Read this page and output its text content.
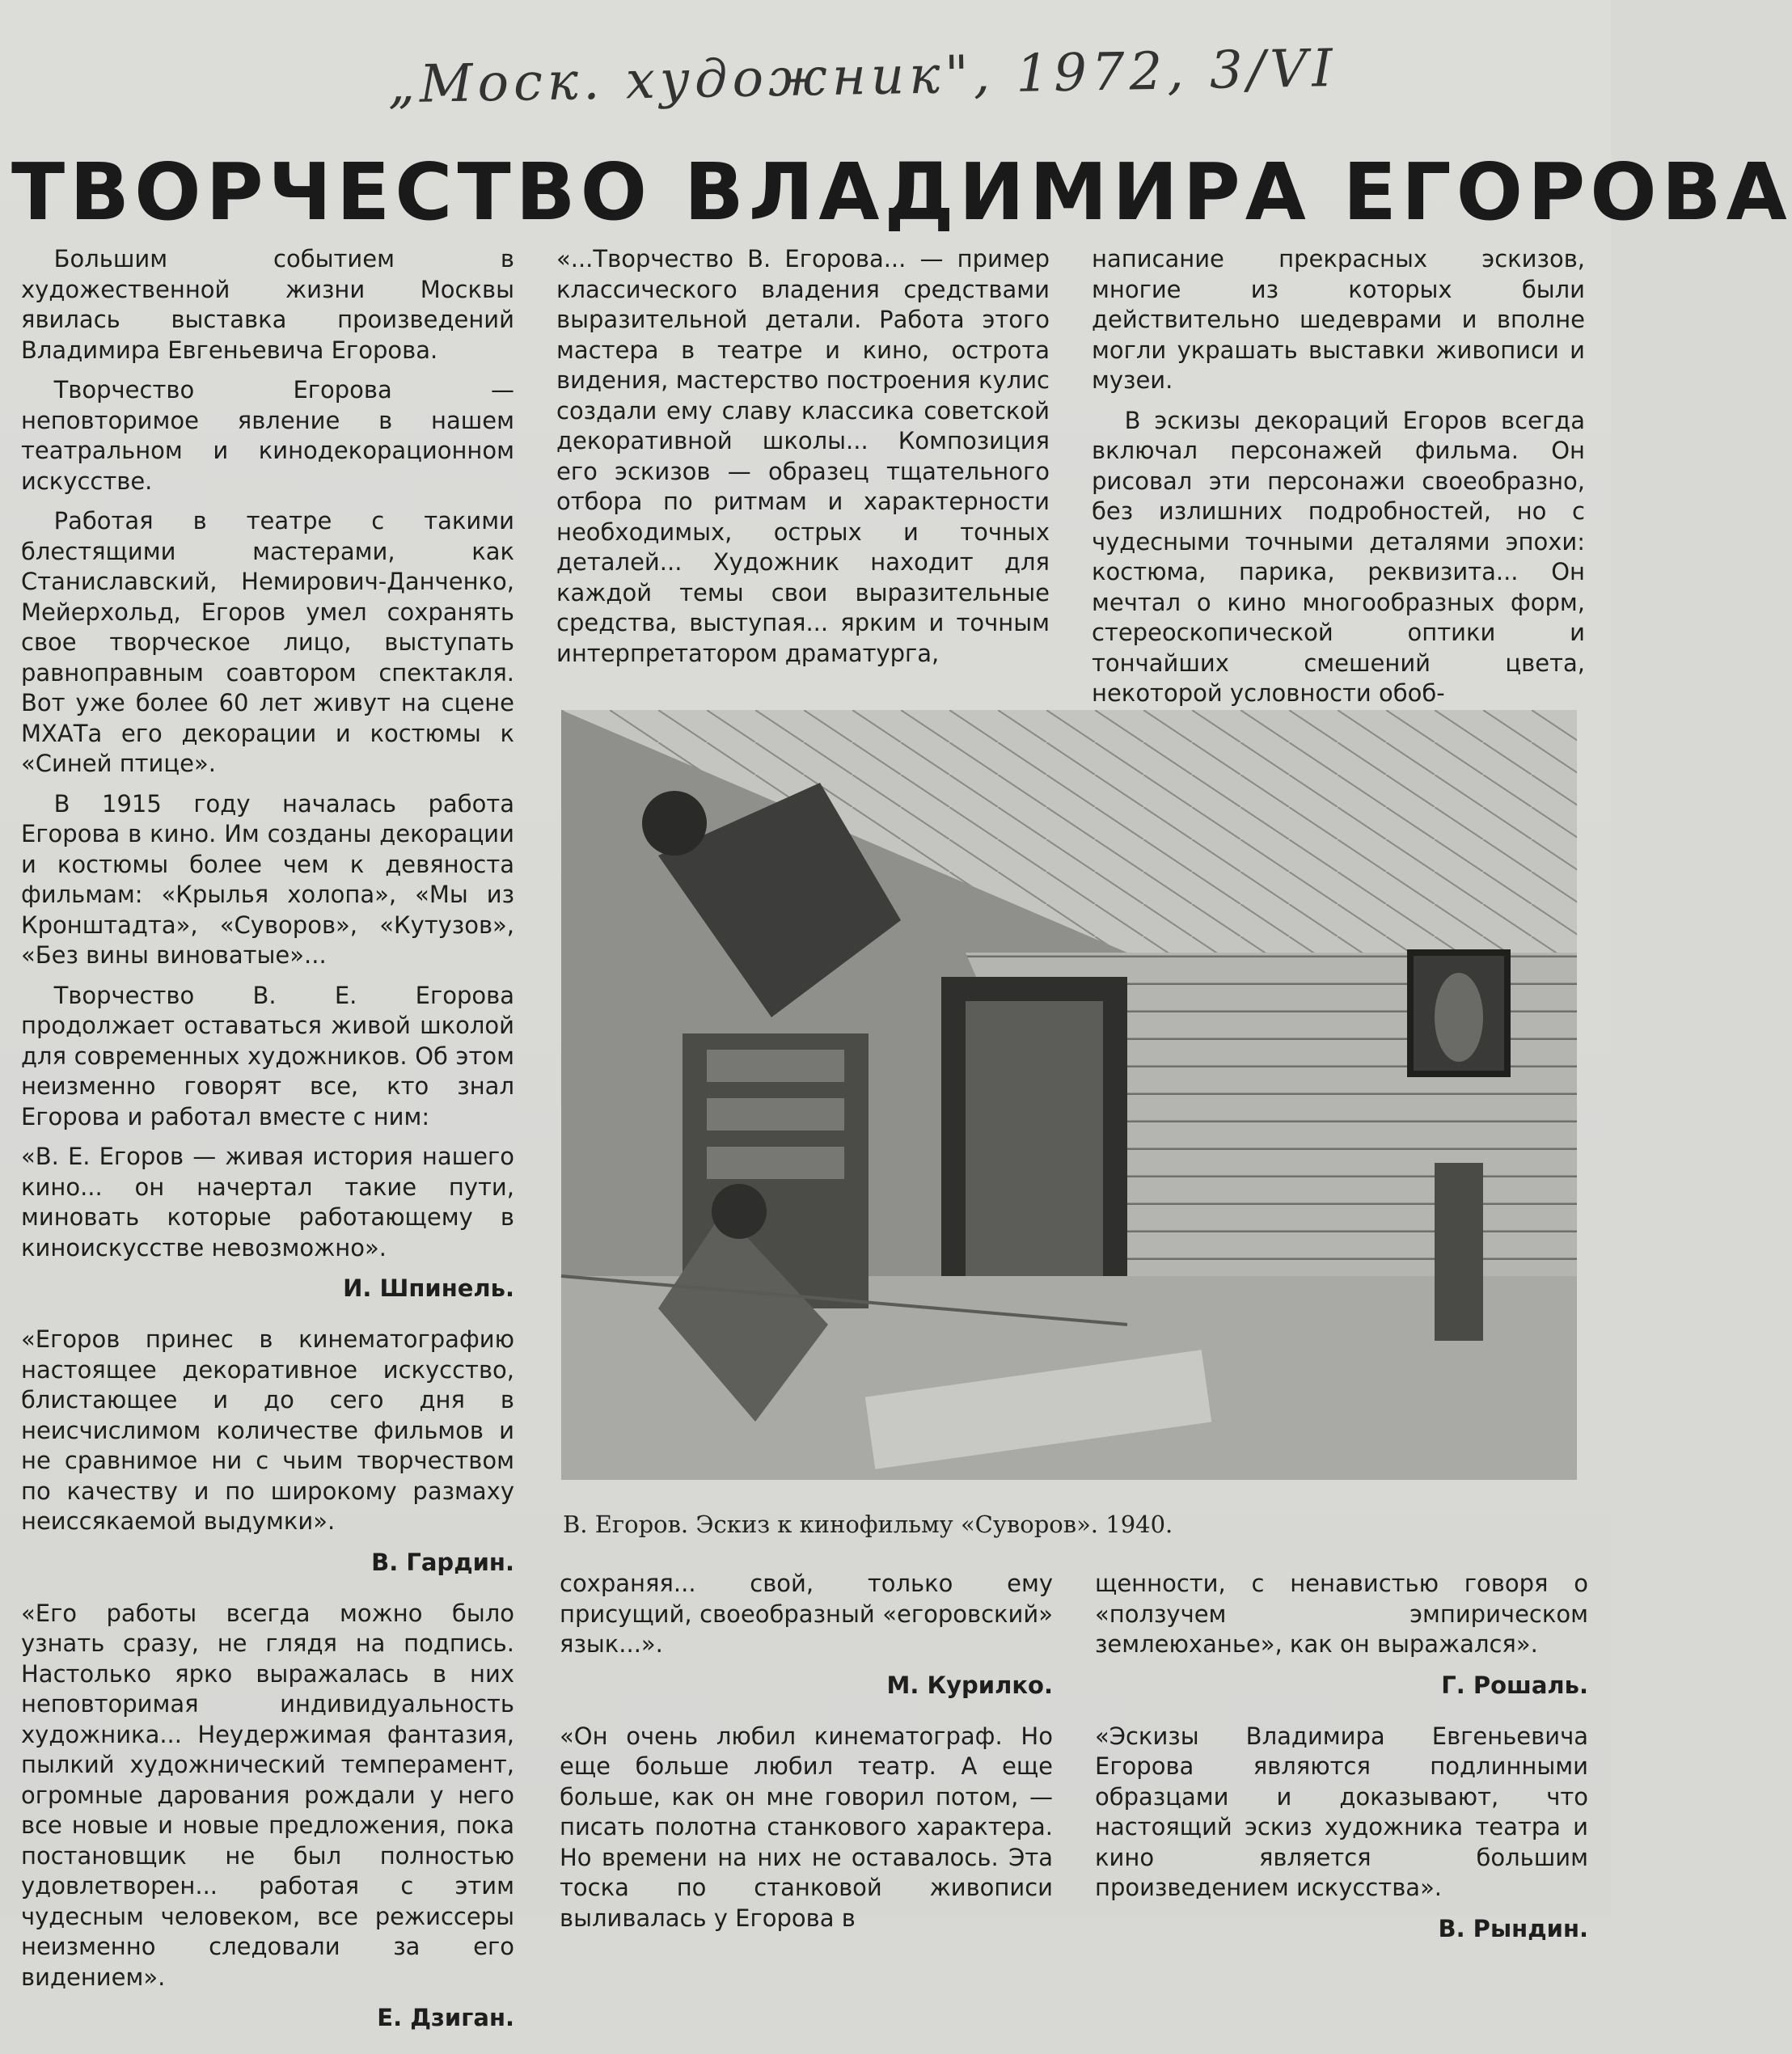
„Моск. художник", 1972, 3/VI
ТВОРЧЕСТВО ВЛАДИМИРА ЕГОРОВА

Большим событием в художественной жизни Москвы явилась выставка произведений Владимира Евгеньевича Егорова.

Творчество Егорова — неповторимое явление в нашем театральном и кинодекорационном искусстве.

Работая в театре с такими блестящими мастерами, как Станиславский, Немирович-Данченко, Мейерхольд, Егоров умел сохранять свое творческое лицо, выступать равноправным соавтором спектакля. Вот уже более 60 лет живут на сцене МХАТа его декорации и костюмы к «Синей птице».

В 1915 году началась работа Егорова в кино. Им созданы декорации и костюмы более чем к девяноста фильмам: «Крылья холопа», «Мы из Кронштадта», «Суворов», «Кутузов», «Без вины виноватые»...

Творчество В. Е. Егорова продолжает оставаться живой школой для современных художников. Об этом неизменно говорят все, кто знал Егорова и работал вместе с ним:

«В. Е. Егоров — живая история нашего кино... он начертал такие пути, миновать которые работающему в киноискусстве невозможно».

И. Шпинель.

«Егоров принес в кинематографию настоящее декоративное искусство, блистающее и до сего дня в неисчислимом количестве фильмов и не сравнимое ни с чьим творчеством по качеству и по широкому размаху неиссякаемой выдумки».

В. Гардин.

«Его работы всегда можно было узнать сразу, не глядя на подпись. Настолько ярко выражалась в них неповторимая индивидуальность художника... Неудержимая фантазия, пылкий художнический темперамент, огромные дарования рождали у него все новые и новые предложения, пока постановщик не был полностью удовлетворен... работая с этим чудесным человеком, все режиссеры неизменно следовали за его видением».

Е. Дзиган.

«...Творчество В. Егорова... — пример классического владения средствами выразительной детали. Работа этого мастера в театре и кино, острота видения, мастерство построения кулис создали ему славу классика советской декоративной школы... Композиция его эскизов — образец тщательного отбора по ритмам и характерности необходимых, острых и точных деталей... Художник находит для каждой темы свои выразительные средства, выступая... ярким и точным интерпретатором драматурга,

написание прекрасных эскизов, многие из которых были действительно шедеврами и вполне могли украшать выставки живописи и музеи.

В эскизы декораций Егоров всегда включал персонажей фильма. Он рисовал эти персонажи своеобразно, без излишних подробностей, но с чудесными точными деталями эпохи: костюма, парика, реквизита... Он мечтал о кино многообразных форм, стереоскопической оптики и тончайших смешений цвета, некоторой условности обоб-

В. Егоров. Эскиз к кинофильму «Суворов». 1940.

сохраняя... свой, только ему присущий, своеобразный «егоровский» язык...».

М. Курилко.

«Он очень любил кинематограф. Но еще больше любил театр. А еще больше, как он мне говорил потом, — писать полотна станкового характера. Но времени на них не оставалось. Эта тоска по станковой живописи выливалась у Егорова в

щенности, с ненавистью говоря о «ползучем эмпирическом землеюханье», как он выражался».

Г. Рошаль.

«Эскизы Владимира Евгеньевича Егорова являются подлинными образцами и доказывают, что настоящий эскиз художника театра и кино является большим произведением искусства».

В. Рындин.
